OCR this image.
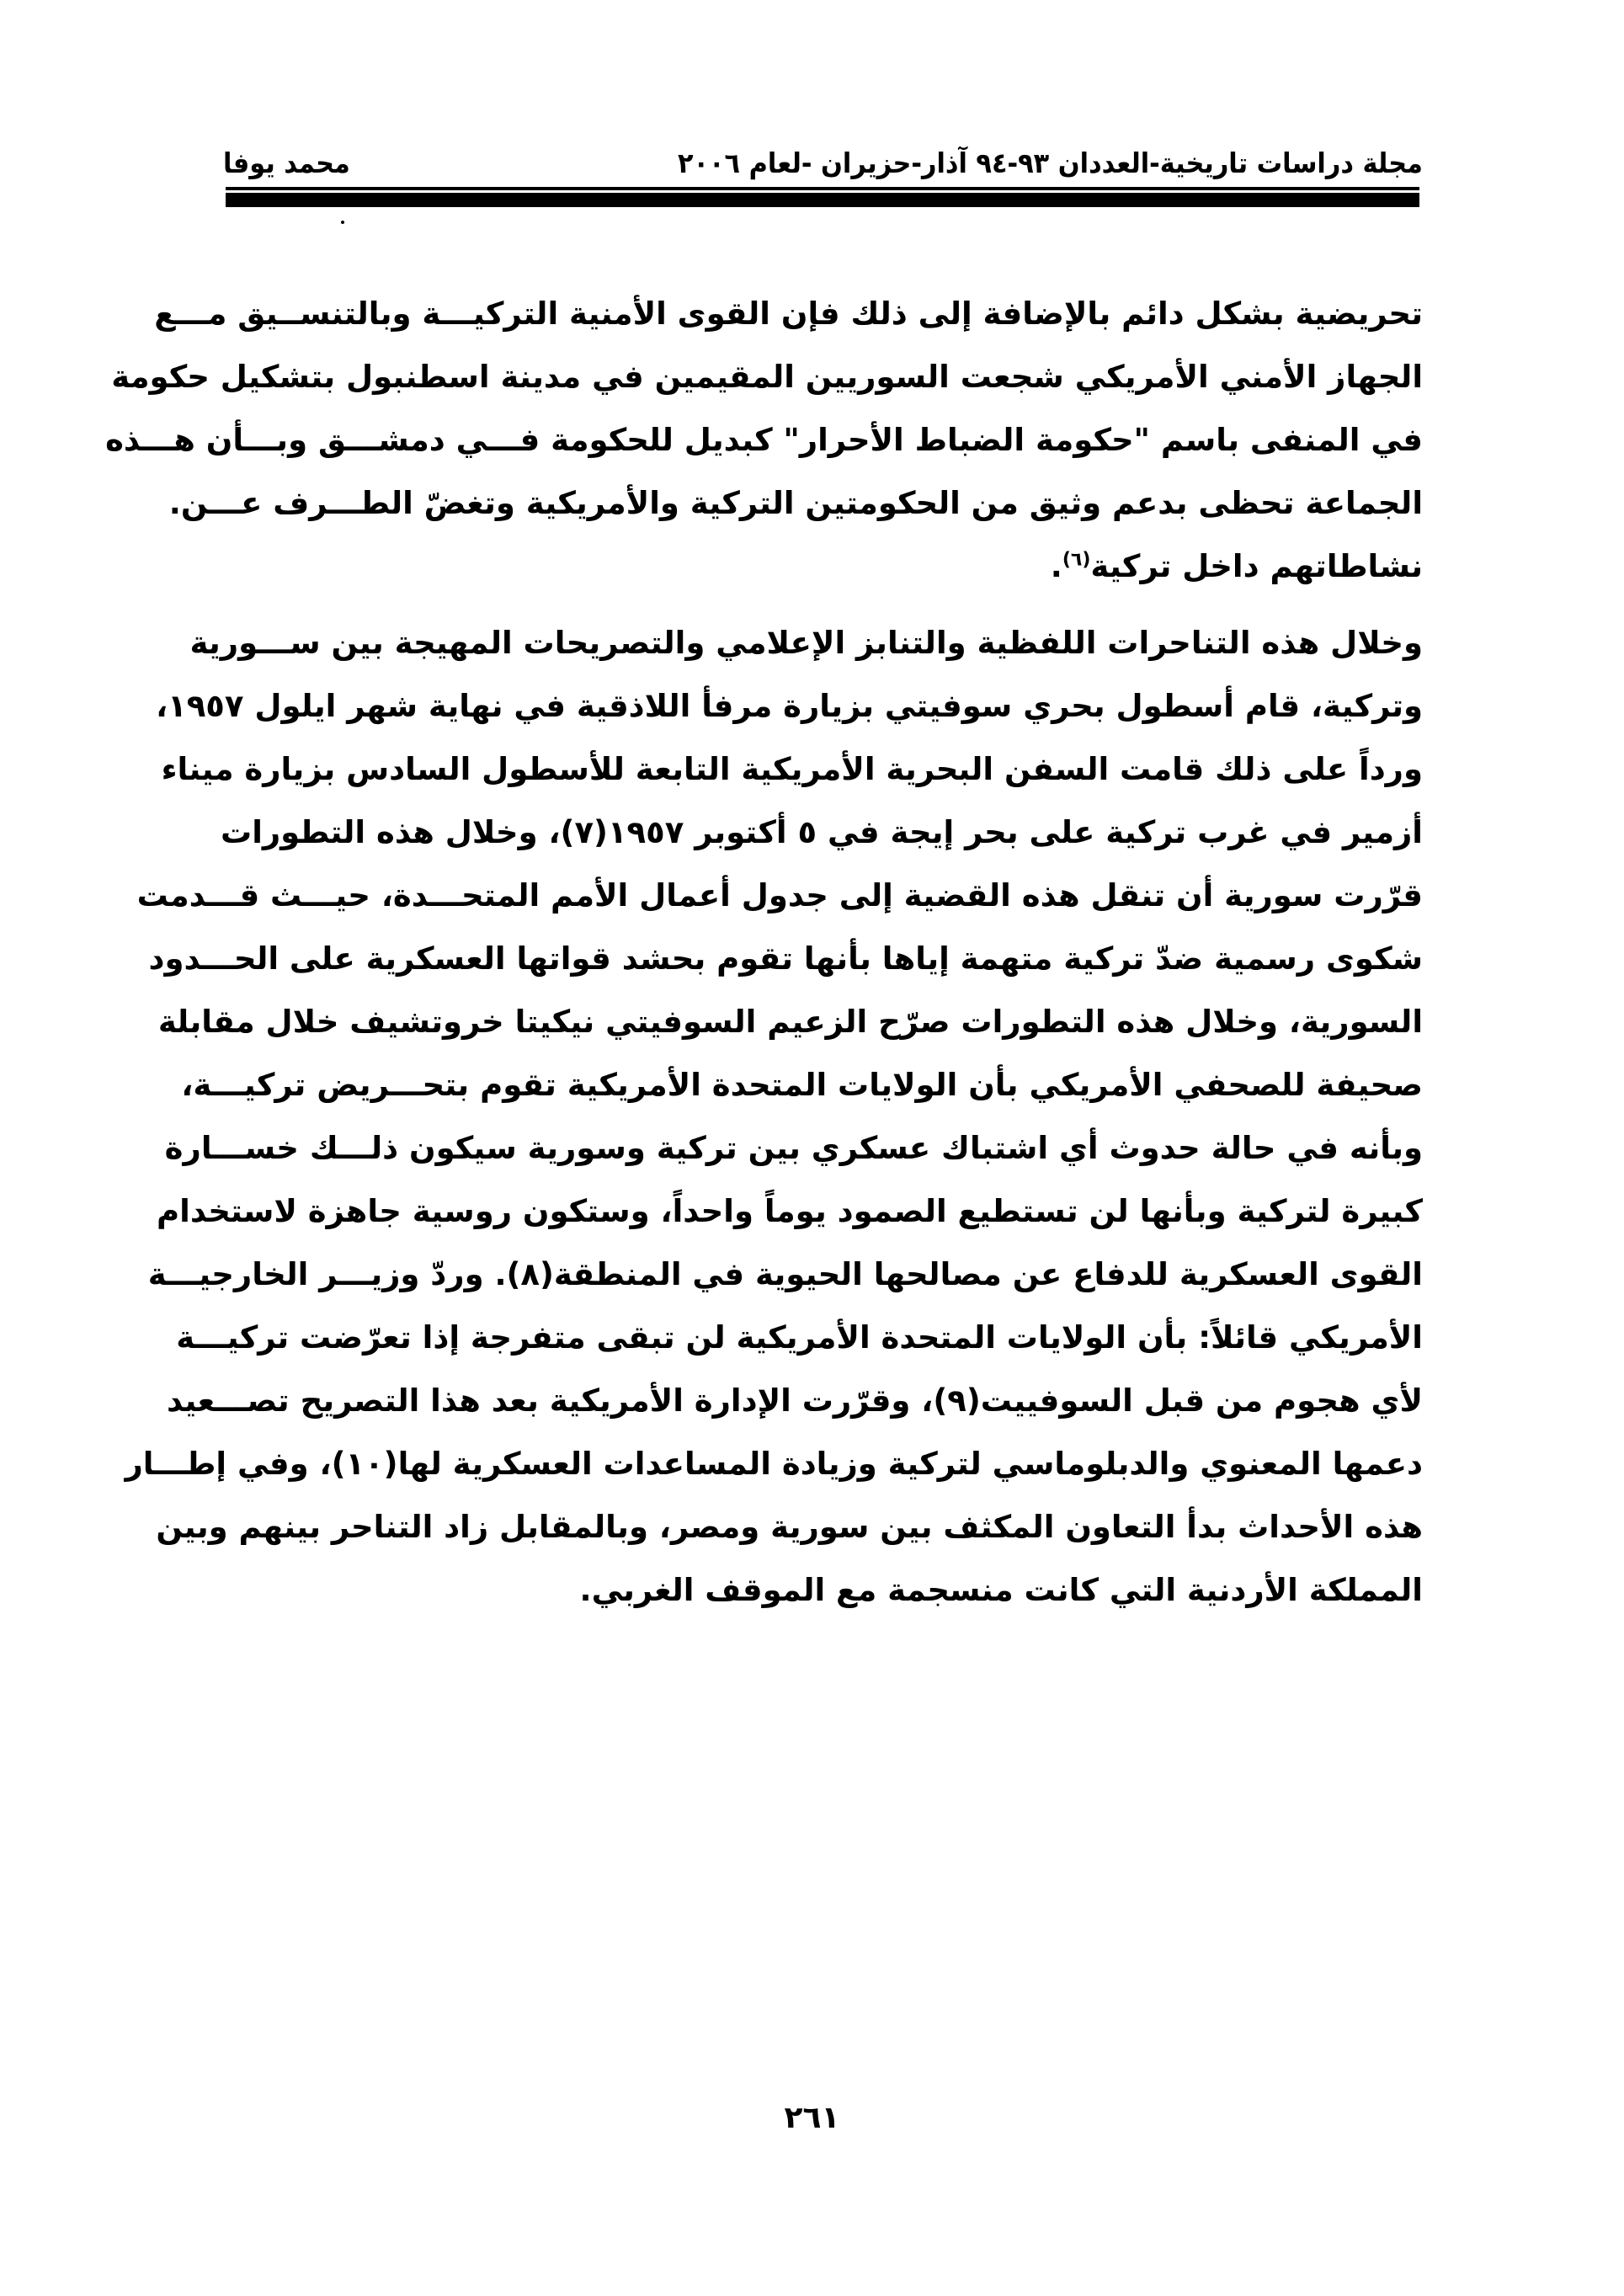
مجلة دراسات تاريخية-العددان ٩٣-٩٤ آذار-حزيران -لعام ٢٠٠٦
محمد يوفا
تحريضية بشكل دائم بالإضافة إلى ذلك فإن القوى الأمنية التركيـــة وبالتنســيق مـــع
الجهاز الأمني الأمريكي شجعت السوريين المقيمين في مدينة اسطنبول بتشكيل حكومة
في المنفى باسم "حكومة الضباط الأحرار" كبديل للحكومة فـــي دمشـــق وبـــأن هـــذه
الجماعة تحظى بدعم وثيق من الحكومتين التركية والأمريكية وتغضّ الطـــرف عـــن.
نشاطاتهم داخل تركية$^{(٦)}$.
وخلال هذه التناحرات اللفظية والتنابز الإعلامي والتصريحات المهيجة بين ســـورية
وتركية، قام أسطول بحري سوفيتي بزيارة مرفأ اللاذقية في نهاية شهر ايلول ١٩٥٧،
ورداً على ذلك قامت السفن البحرية الأمريكية التابعة للأسطول السادس بزيارة ميناء
أزمير في غرب تركية على بحر إيجة في ٥ أكتوبر ١٩٥٧(٧)، وخلال هذه التطورات
قرّرت سورية أن تنقل هذه القضية إلى جدول أعمال الأمم المتحـــدة، حيـــث قـــدمت
شكوى رسمية ضدّ تركية متهمة إياها بأنها تقوم بحشد قواتها العسكرية على الحـــدود
السورية، وخلال هذه التطورات صرّح الزعيم السوفيتي نيكيتا خروتشيف خلال مقابلة
صحيفة للصحفي الأمريكي بأن الولايات المتحدة الأمريكية تقوم بتحـــريض تركيـــة،
وبأنه في حالة حدوث أي اشتباك عسكري بين تركية وسورية سيكون ذلـــك خســـارة
كبيرة لتركية وبأنها لن تستطيع الصمود يوماً واحداً، وستكون روسية جاهزة لاستخدام
القوى العسكرية للدفاع عن مصالحها الحيوية في المنطقة(٨). وردّ وزيـــر الخارجيـــة
الأمريكي قائلاً: بأن الولايات المتحدة الأمريكية لن تبقى متفرجة إذا تعرّضت تركيـــة
لأي هجوم من قبل السوفييت(٩)، وقرّرت الإدارة الأمريكية بعد هذا التصريح تصـــعيد
دعمها المعنوي والدبلوماسي لتركية وزيادة المساعدات العسكرية لها(١٠)، وفي إطـــار
هذه الأحداث بدأ التعاون المكثف بين سورية ومصر، وبالمقابل زاد التناحر بينهم وبين
المملكة الأردنية التي كانت منسجمة مع الموقف الغربي.
٢٦١
